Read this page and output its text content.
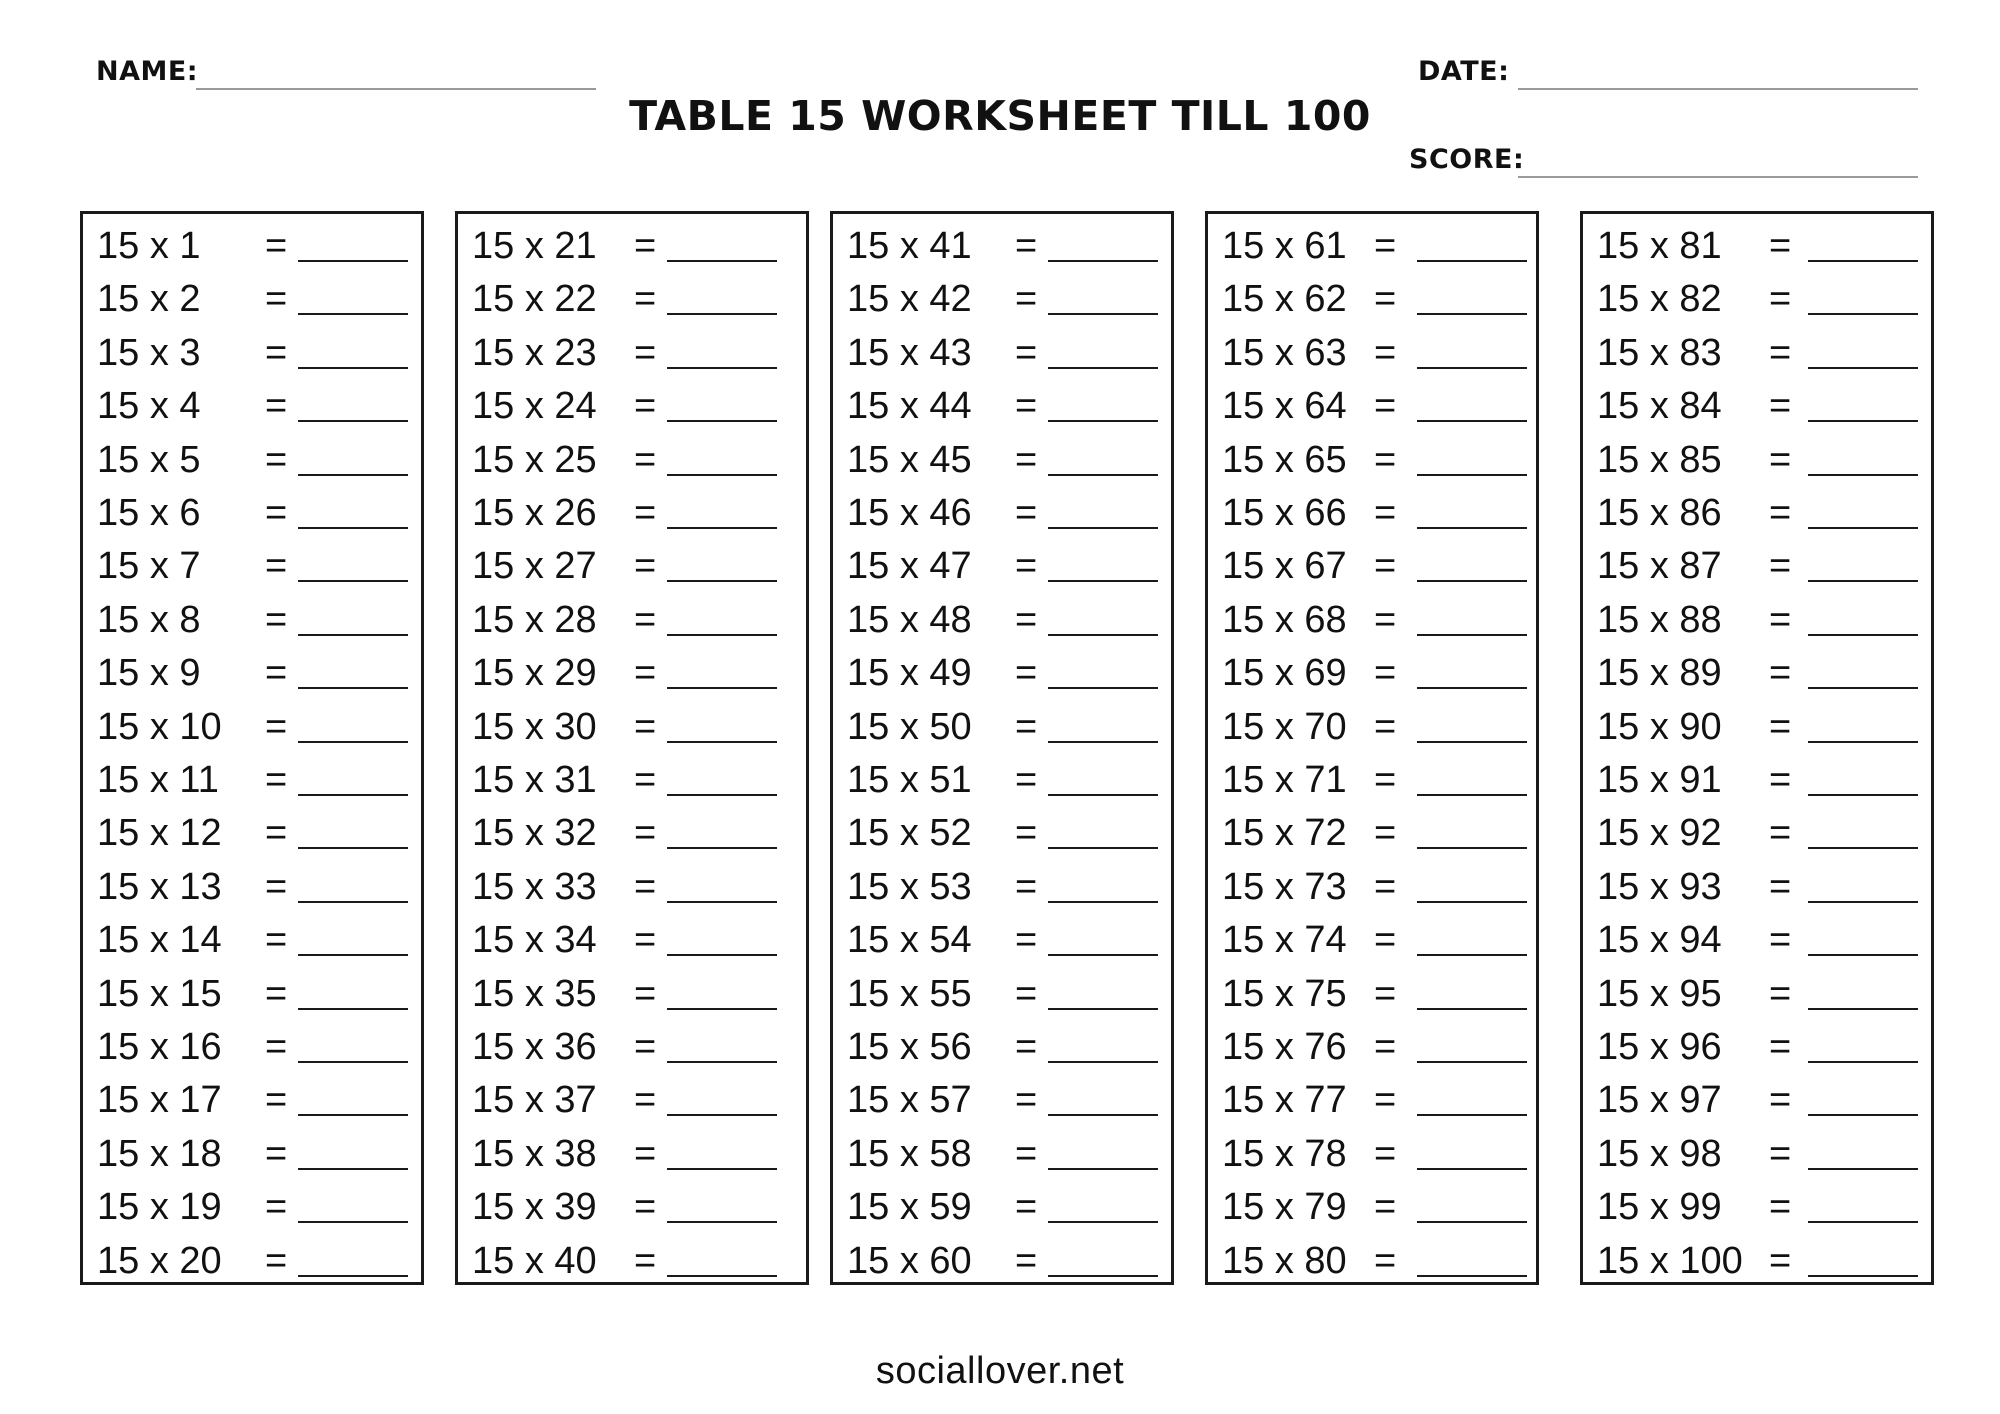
NAME:	DATE:
SCORE:
TABLE 15 WORKSHEET TILL 100
15 x 1 =
15 x 2 =
15 x 3 =
15 x 4 =
15 x 5 =
15 x 6 =
15 x 7 =
15 x 8 =
15 x 9 =
15 x 10 =
15 x 11 =
15 x 12 =
15 x 13 =
15 x 14 =
15 x 15 =
15 x 16 =
15 x 17 =
15 x 18 =
15 x 19 =
15 x 20 =
15 x 21 =
15 x 22 =
15 x 23 =
15 x 24 =
15 x 25 =
15 x 26 =
15 x 27 =
15 x 28 =
15 x 29 =
15 x 30 =
15 x 31 =
15 x 32 =
15 x 33 =
15 x 34 =
15 x 35 =
15 x 36 =
15 x 37 =
15 x 38 =
15 x 39 =
15 x 40 =
15 x 41 =
15 x 42 =
15 x 43 =
15 x 44 =
15 x 45 =
15 x 46 =
15 x 47 =
15 x 48 =
15 x 49 =
15 x 50 =
15 x 51 =
15 x 52 =
15 x 53 =
15 x 54 =
15 x 55 =
15 x 56 =
15 x 57 =
15 x 58 =
15 x 59 =
15 x 60 =
15 x 61 =
15 x 62 =
15 x 63 =
15 x 64 =
15 x 65 =
15 x 66 =
15 x 67 =
15 x 68 =
15 x 69 =
15 x 70 =
15 x 71 =
15 x 72 =
15 x 73 =
15 x 74 =
15 x 75 =
15 x 76 =
15 x 77 =
15 x 78 =
15 x 79 =
15 x 80 =
15 x 81 =
15 x 82 =
15 x 83 =
15 x 84 =
15 x 85 =
15 x 86 =
15 x 87 =
15 x 88 =
15 x 89 =
15 x 90 =
15 x 91 =
15 x 92 =
15 x 93 =
15 x 94 =
15 x 95 =
15 x 96 =
15 x 97 =
15 x 98 =
15 x 99 =
15 x 100 =
sociallover.net
